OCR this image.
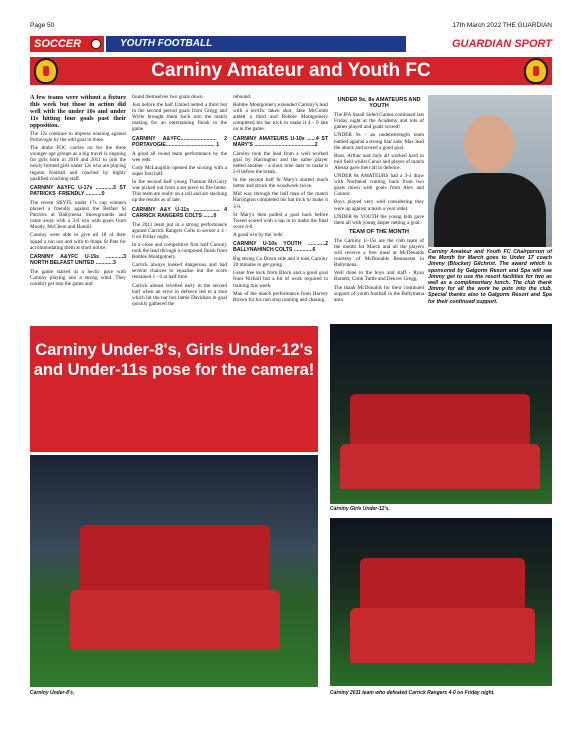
Page 50	17th March 2022 THE GUARDIAN
SOCCER	YOUTH FOOTBALL	GUARDIAN SPORT
Carniny Amateur and Youth FC

A few teams were without a fixture this week but those in action did well with the under 10s and under 11s hitting four goals past their opposition.

The 12s continue to impress winning against Portavogie by the odd goal in three.

The drabs FOC carries on for the three younger age groups as a big travel is ongoing for girls born in 2010 and 2011 to join the newly formed girls under 12s who are playing regular football and coached by highly qualified coaching staff.

CARNINY A&YFC U-17s ............3 ST PATRICKS -FRIENDLY ...........0

The recent SBYFL under 17s cup winners played a friendly against the Belfast St Patricks at Ballymena Showgrounds and came away with a 3-0 win with goals from Moody, McCleon and Hamill.

Carniny were able to give all 18 of their squad a run out and with to thank St Pats for accommodating them at short notice.

CARNINY A&YFC U-15s ............3 NORTH BELFAST UNITED ............3

The game started at a hectic pace with Carniny playing into a strong wind. They couldn't get into the game and

found themselves two goals down.

Just before the half United netted a third but in the second period goals from Gregg and Wylie brought them back into the match making for an entertaining finish to the game.

CARNINY A&YFC......................... 2 PORTAVOGIE.................................. 1

A good all round team performance by the wee reds.

Cody McLaughlin opened the scoring with a super first half.

In the second half young Thomas McGarry was picked out from a set piece to fire home. This team are really on a roll and are stacking up the results as of late.

CARNINY A&Y U-11s .................. 4 CARRICK RANGERS COLTS .......0

The 2011 team put in a strong performance against Carrick Rangers Colts to secure a 4 - 0 on Friday night.

In a close and competitive first half Carniny took the lead through a composed finish from Robbie Montgomery.

Carrick always looked dangerous and had several chances to equalise but the score remained 1 - 0 at half time.

Carrick almost levelled early in the second half when an error in defence led to a shot which hit the bar but Jamie Davidson in goal quickly gathered the

rebound.

Robbie Montgomery extended Carniny's lead with a terrific taken shot, Jake McComb added a third and Robbie Montgomery completed his hat trick to make it 4 - 0 late on in the game.

CARNINY AMATEURS U-10s ......4 ST MARY'S ..........................................2

Carniny took the lead from a well worked goal by Harrington and the same player netted another - a short time later to make it 2-0 before the break.

In the second half St Mary's started much better and struck the woodwork twice.

Mid way through the half man of the match Harrington completed his hat trick to make it 3-0.

St Mary's then pulled a goal back before Tweed scored with a tap in to make the final score 4-0.

A good win by the 'reds'.

CARNINY U-10s YOUTH ............2 BALLYNAHINCH COLTS .............6

Big strong Co Down side and it took Carniny 20 minutes to get going.

Great free kick from Block and a good goal from Nicholl but a bit of work required in training this week.

Man of the match performance from Harvey Brown for his non stop running and chasing.

UNDER 9s, 8s AMATEURS AND YOUTH

The IFA Small Sided Games continued last Friday night at the Academy and lots of games played and goals scored!

UNDER 9s - an underestrength team battled against a strong Star side. Max lead the attack and scored a good goal.

Ross, Arthur and Jack all worked hard in mid field whilst Conor and player of match Alesha gave their all in defence.

UNDER 8s AMATEURS had a 3-3 draw with Northend coming back from two goals down with goals from Alex and Connor.

Boys played very well considering they were up against a team a year older.

UNDER 8s YOUTH the young kids gave them all with young Jasper netting a goal.

TEAM OF THE MONTH

The Carniny U-15s are the club team of the month for March and all the players will receive a free meal at McDonalds courtesy of McDonalds Restaurant in Ballymena.

Well done to the boys and staff - Ryan Barnett, Colin Tuttle and Denver Gregg.

The thank McDonalds for their continued support of youth football in the Ballymena area.

Carniny Amateur and Youth FC Chairperson of the Month for March goes to Under 17 coach Jimmy (Blocker) Gilchrist. The award which is sponsored by Galgorm Resort and Spa will see Jimmy get to use the resort facilities for two as well as a complimentary lunch. The club thank Jimmy for all the work he puts into the club. Special thanks also to Galgorm Resort and Spa for their continued support.

Carniny Under-8's, Girls Under-12's and Under-11s pose for the camera!
Carniny Girls Under-12's.
Carniny Under-8's.	Carniny 2011 team who defeated Carrick Rangers 4-0 on Friday night.
